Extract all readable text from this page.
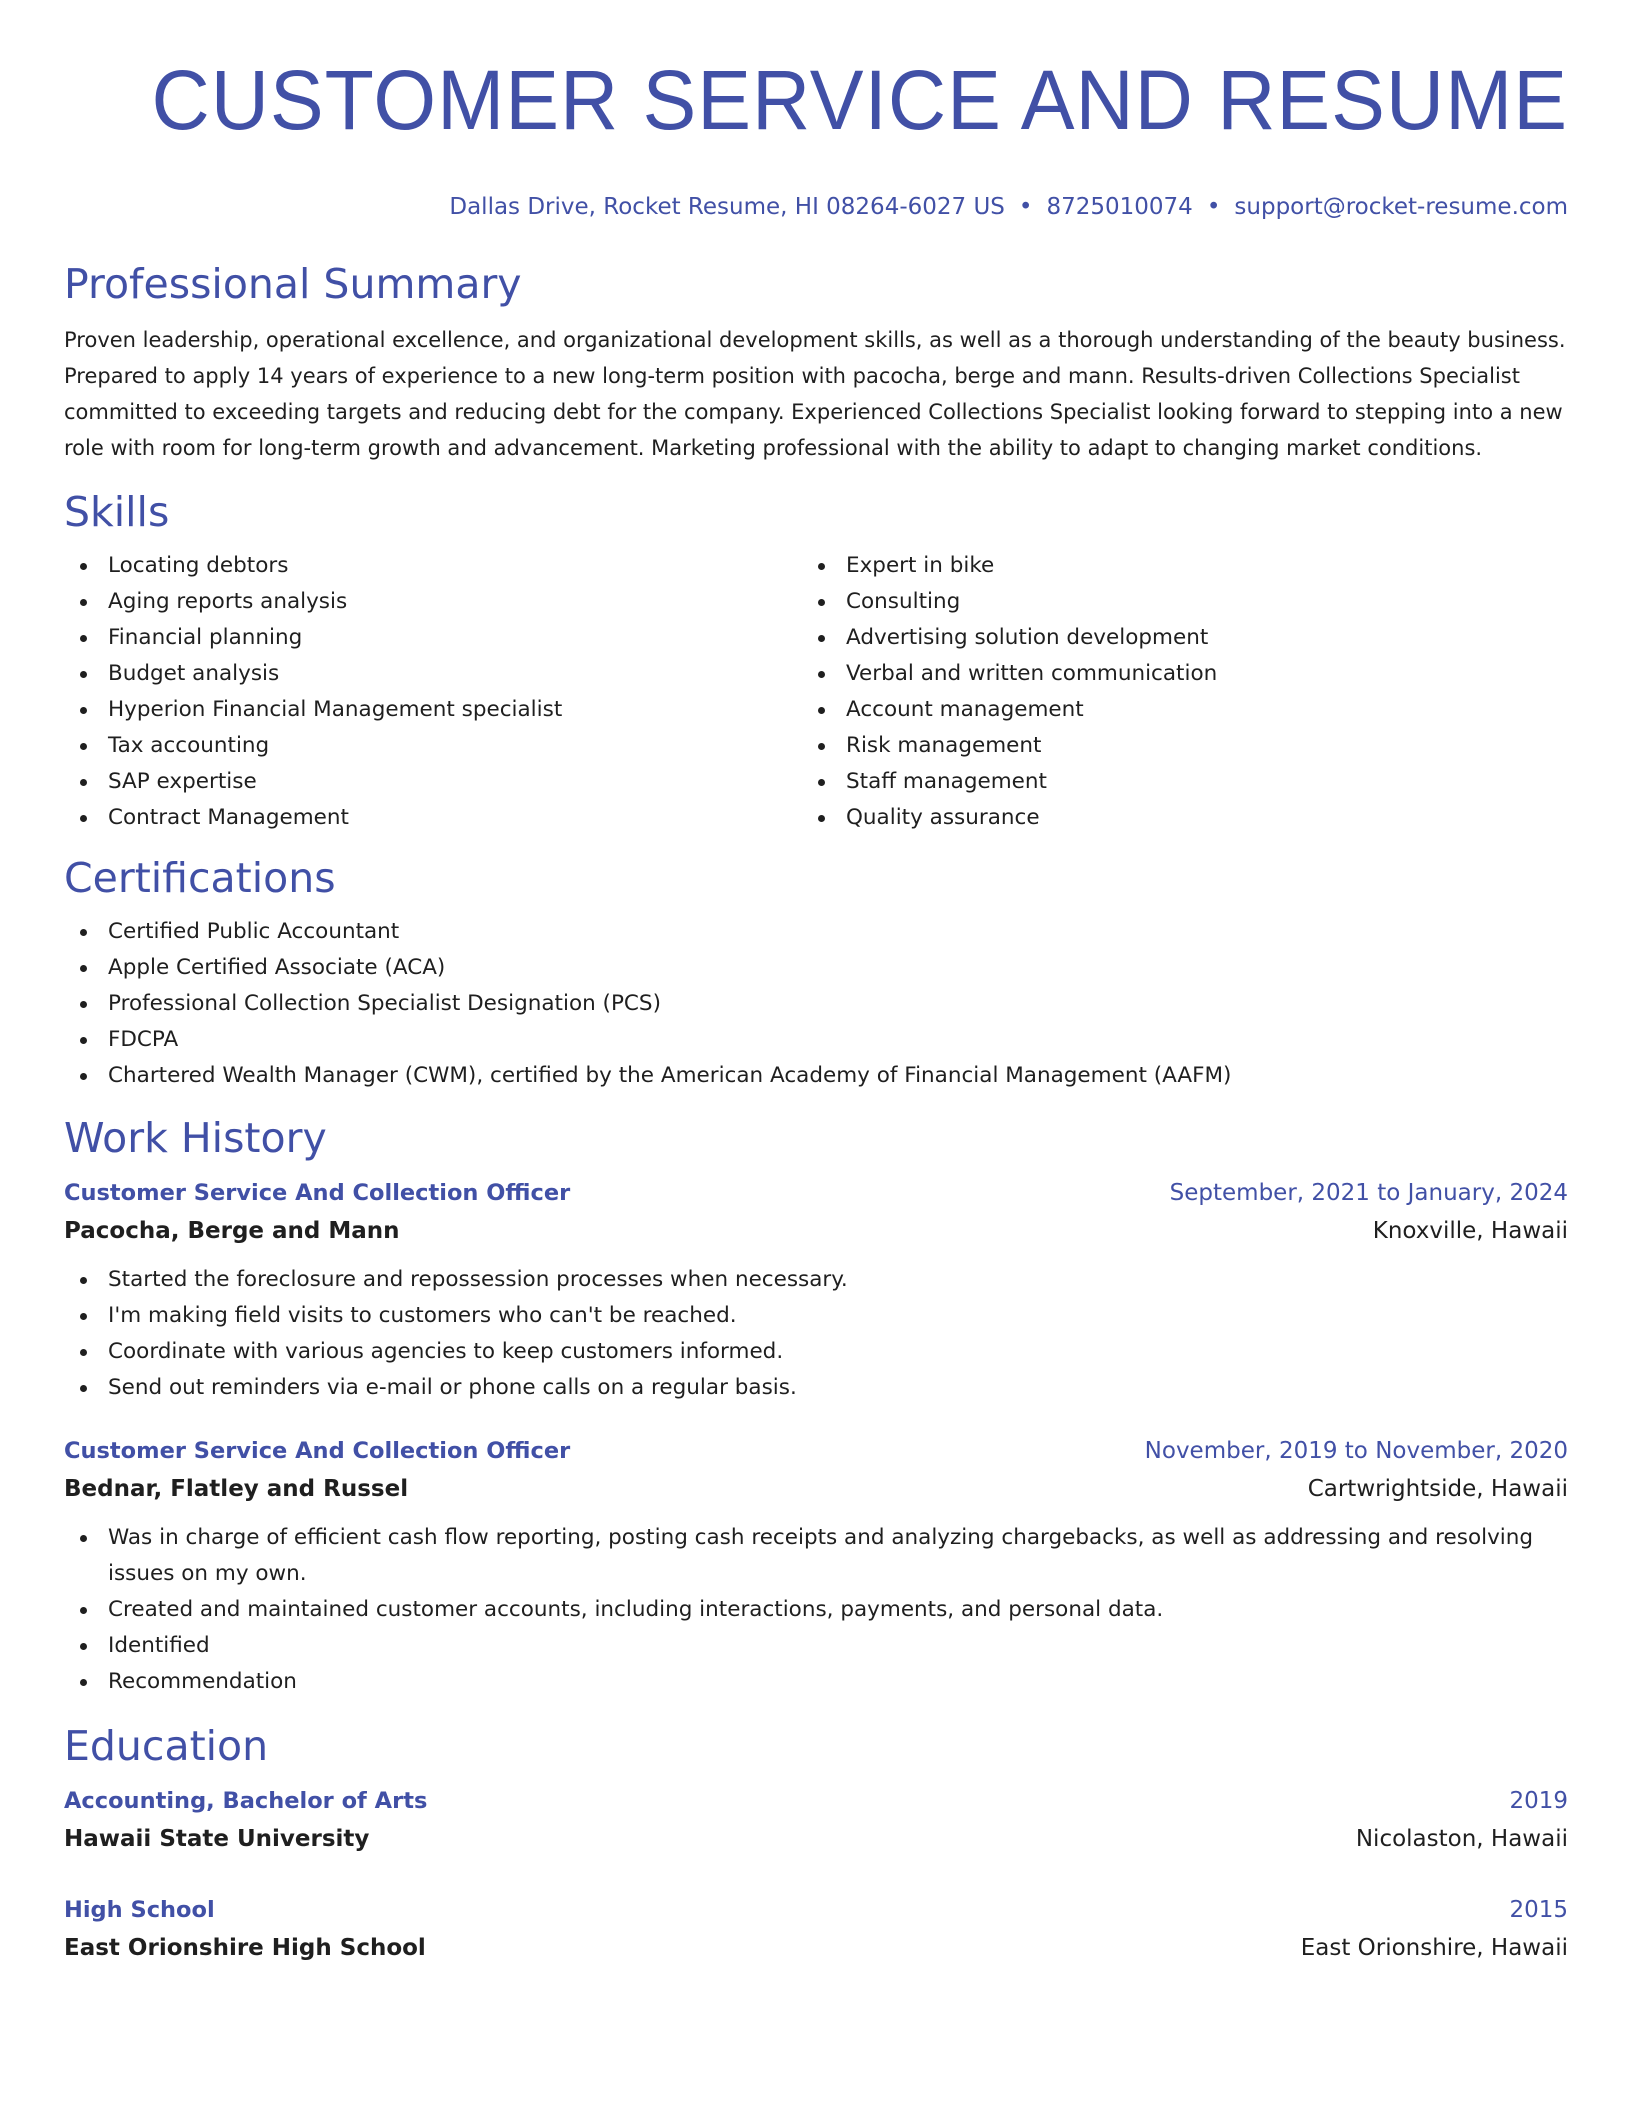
CUSTOMER SERVICE AND RESUME
Dallas Drive, Rocket Resume, HI 08264-6027 US • 8725010074 • support@rocket-resume.com
Professional Summary

Proven leadership, operational excellence, and organizational development skills, as well as a thorough understanding of the beauty business. Prepared to apply 14 years of experience to a new long-term position with pacocha, berge and mann. Results-driven Collections Specialist committed to exceeding targets and reducing debt for the company. Experienced Collections Specialist looking forward to stepping into a new role with room for long-term growth and advancement. Marketing professional with the ability to adapt to changing market conditions.

Skills
Locating debtors
Aging reports analysis
Financial planning
Budget analysis
Hyperion Financial Management specialist
Tax accounting
SAP expertise
Contract Management
Expert in bike
Consulting
Advertising solution development
Verbal and written communication
Account management
Risk management
Staff management
Quality assurance
Certifications
Certified Public Accountant
Apple Certified Associate (ACA)
Professional Collection Specialist Designation (PCS)
FDCPA
Chartered Wealth Manager (CWM), certified by the American Academy of Financial Management (AAFM)
Work History
Customer Service And Collection Officer	September, 2021 to January, 2024
Pacocha, Berge and Mann	Knoxville, Hawaii
Started the foreclosure and repossession processes when necessary.
I'm making field visits to customers who can't be reached.
Coordinate with various agencies to keep customers informed.
Send out reminders via e-mail or phone calls on a regular basis.
Customer Service And Collection Officer	November, 2019 to November, 2020
Bednar, Flatley and Russel	Cartwrightside, Hawaii
Was in charge of efficient cash flow reporting, posting cash receipts and analyzing chargebacks, as well as addressing and resolving issues on my own.
Created and maintained customer accounts, including interactions, payments, and personal data.
Identified
Recommendation
Education
Accounting, Bachelor of Arts	2019
Hawaii State University	Nicolaston, Hawaii
High School	2015
East Orionshire High School	East Orionshire, Hawaii
